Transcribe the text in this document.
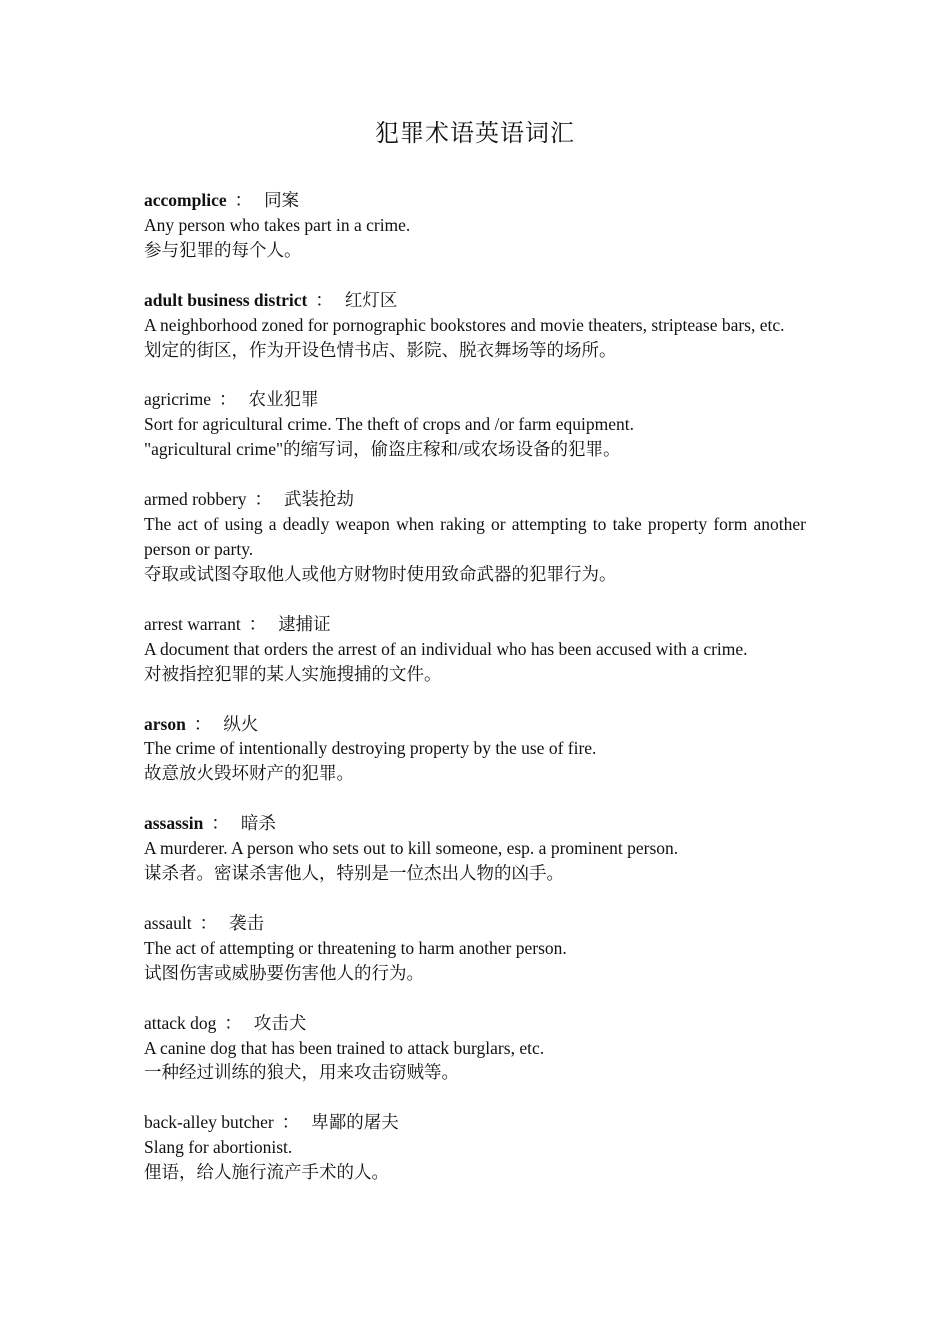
犯罪术语英语词汇
accomplice ： 同案
Any person who takes part in a crime.
参与犯罪的每个人。
adult business district ： 红灯区
A neighborhood zoned for pornographic bookstores and movie theaters, striptease bars, etc.
划定的街区，作为开设色情书店、影院、脱衣舞场等的场所。
agricrime ： 农业犯罪
Sort for agricultural crime. The theft of crops and /or farm equipment.
"agricultural crime"的缩写词，偷盗庄稼和/或农场设备的犯罪。
armed robbery ： 武装抢劫
The act of using a deadly weapon when raking or attempting to take property form another person or party.
夺取或试图夺取他人或他方财物时使用致命武器的犯罪行为。
arrest warrant ： 逮捕证
A document that orders the arrest of an individual who has been accused with a crime.
对被指控犯罪的某人实施搜捕的文件。
arson ： 纵火
The crime of intentionally destroying property by the use of fire.
故意放火毁坏财产的犯罪。
assassin ： 暗杀
A murderer. A person who sets out to kill someone, esp. a prominent person.
谋杀者。密谋杀害他人，特别是一位杰出人物的凶手。
assault ： 袭击
The act of attempting or threatening to harm another person.
试图伤害或威胁要伤害他人的行为。
attack dog ： 攻击犬
A canine dog that has been trained to attack burglars, etc.
一种经过训练的狼犬，用来攻击窃贼等。
back-alley butcher ： 卑鄙的屠夫
Slang for abortionist.
俚语，给人施行流产手术的人。
